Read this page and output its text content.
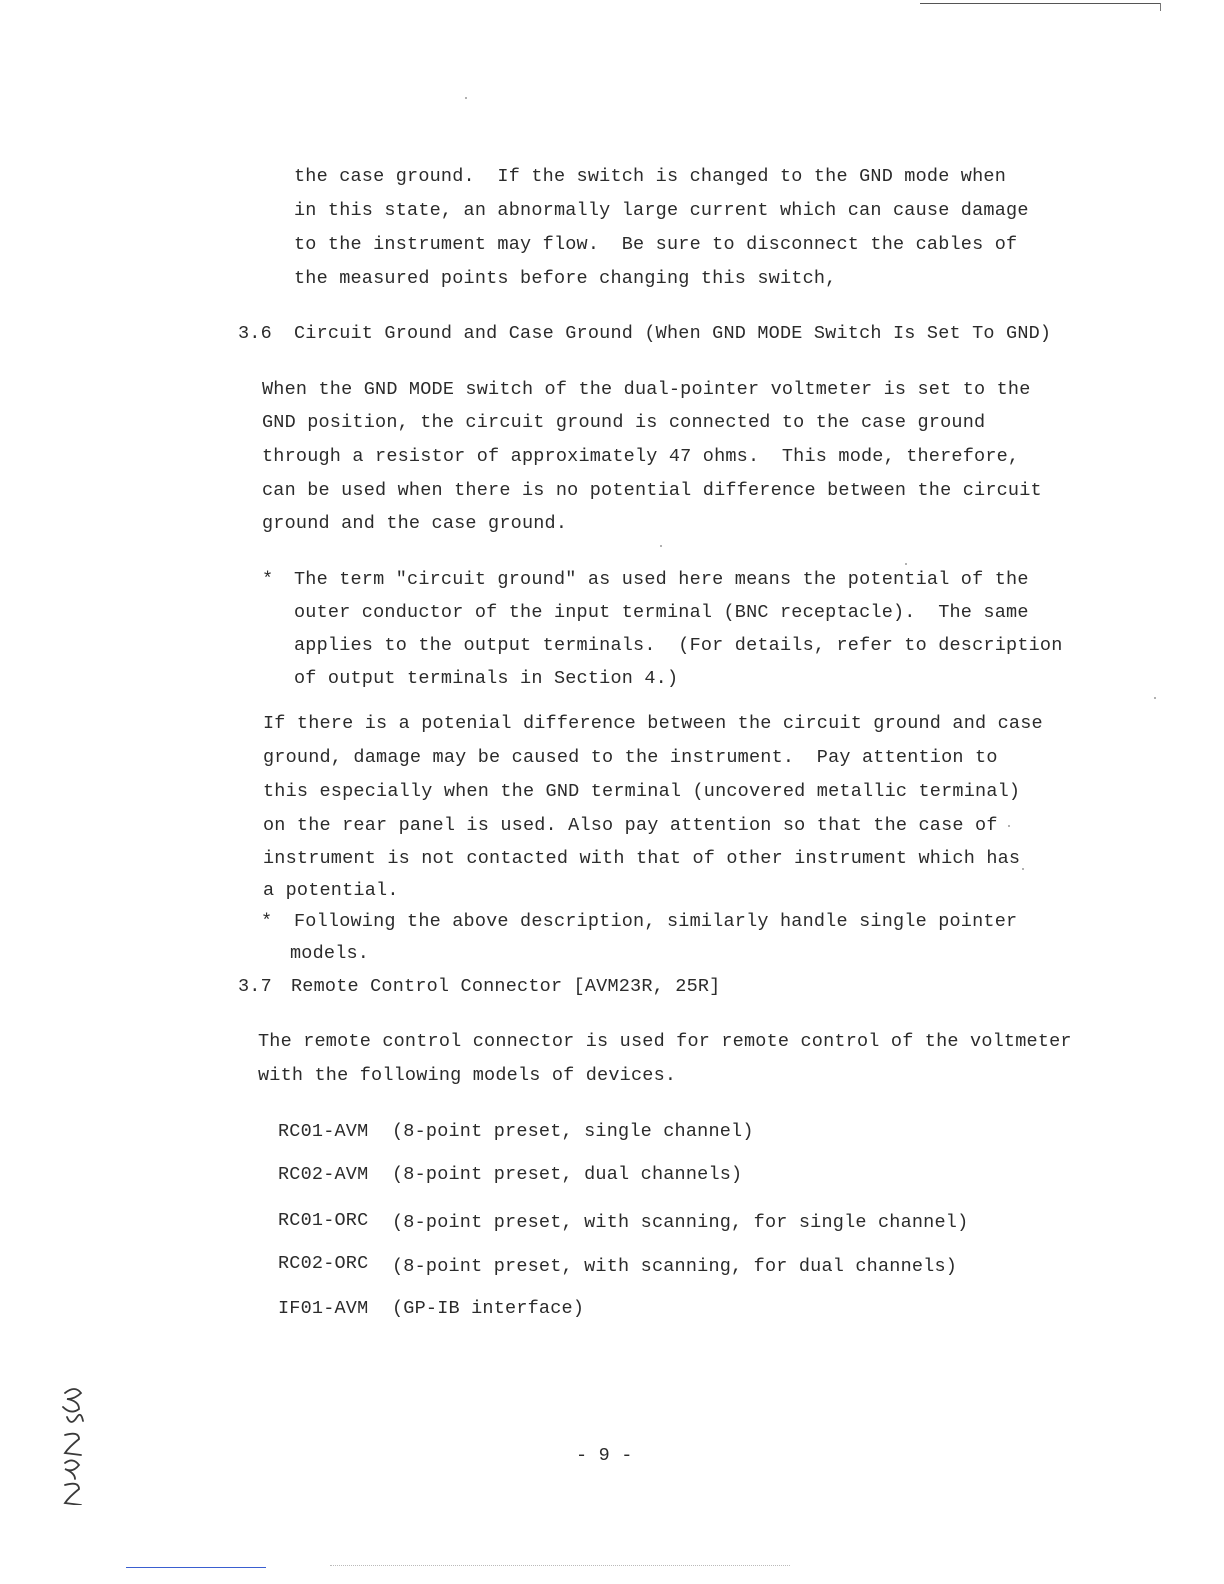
the case ground.  If the switch is changed to the GND mode when
in this state, an abnormally large current which can cause damage
to the instrument may flow.  Be sure to disconnect the cables of
the measured points before changing this switch,
3.6 Circuit Ground and Case Ground (When GND MODE Switch Is Set To GND)
When the GND MODE switch of the dual-pointer voltmeter is set to the
GND position, the circuit ground is connected to the case ground
through a resistor of approximately 47 ohms.  This mode, therefore,
can be used when there is no potential difference between the circuit
ground and the case ground.
* The term "circuit ground" as used here means the potential of the
outer conductor of the input terminal (BNC receptacle).  The same
applies to the output terminals.  (For details, refer to description
of output terminals in Section 4.)
If there is a potenial difference between the circuit ground and case
ground, damage may be caused to the instrument.  Pay attention to
this especially when the GND terminal (uncovered metallic terminal)
on the rear panel is used. Also pay attention so that the case of
instrument is not contacted with that of other instrument which has
a potential.
* Following the above description, similarly handle single pointer
models.
3.7 Remote Control Connector [AVM23R, 25R]
The remote control connector is used for remote control of the voltmeter
with the following models of devices.
RC01-AVM (8-point preset, single channel)
RC02-AVM (8-point preset, dual channels)
RC01-ORC (8-point preset, with scanning, for single channel)
RC02-ORC (8-point preset, with scanning, for dual channels)
IF01-AVM (GP-IB interface)
- 9 -
